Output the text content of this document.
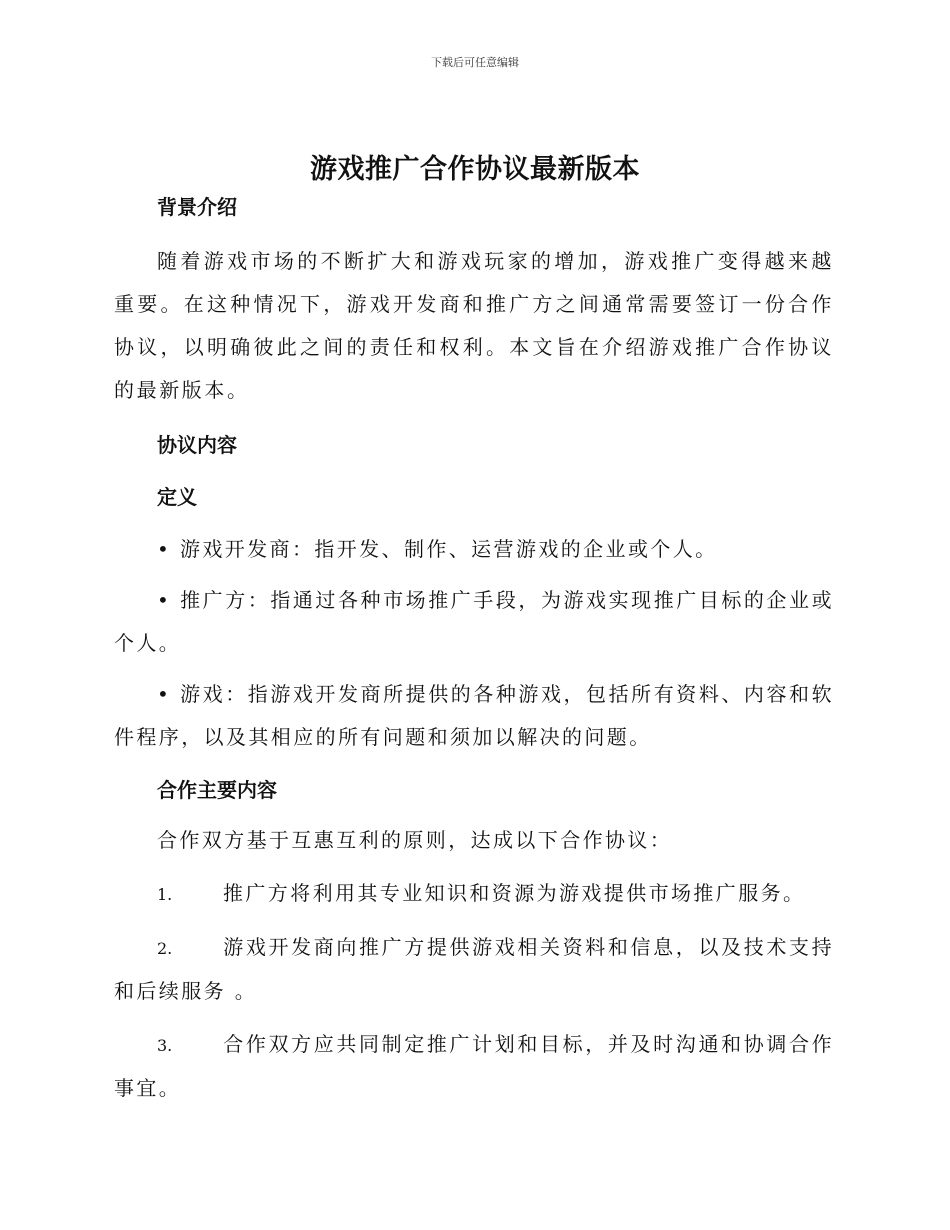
下载后可任意编辑
游戏推广合作协议最新版本
背景介绍

随着游戏市场的不断扩大和游戏玩家的增加，游戏推广变得越来越重要。在这种情况下，游戏开发商和推广方之间通常需要签订一份合作协议，以明确彼此之间的责任和权利。本文旨在介绍游戏推广合作协议的最新版本。

协议内容
定义

• 游戏开发商：指开发、制作、运营游戏的企业或个人。

• 推广方：指通过各种市场推广手段，为游戏实现推广目标的企业或个人。

• 游戏：指游戏开发商所提供的各种游戏，包括所有资料、内容和软件程序，以及其相应的所有问题和须加以解决的问题。

合作主要内容

合作双方基于互惠互利的原则，达成以下合作协议：

1.	推广方将利用其专业知识和资源为游戏提供市场推广服务。

2.	游戏开发商向推广方提供游戏相关资料和信息，以及技术支持和后续服务 。

3.	合作双方应共同制定推广计划和目标，并及时沟通和协调合作事宜。
